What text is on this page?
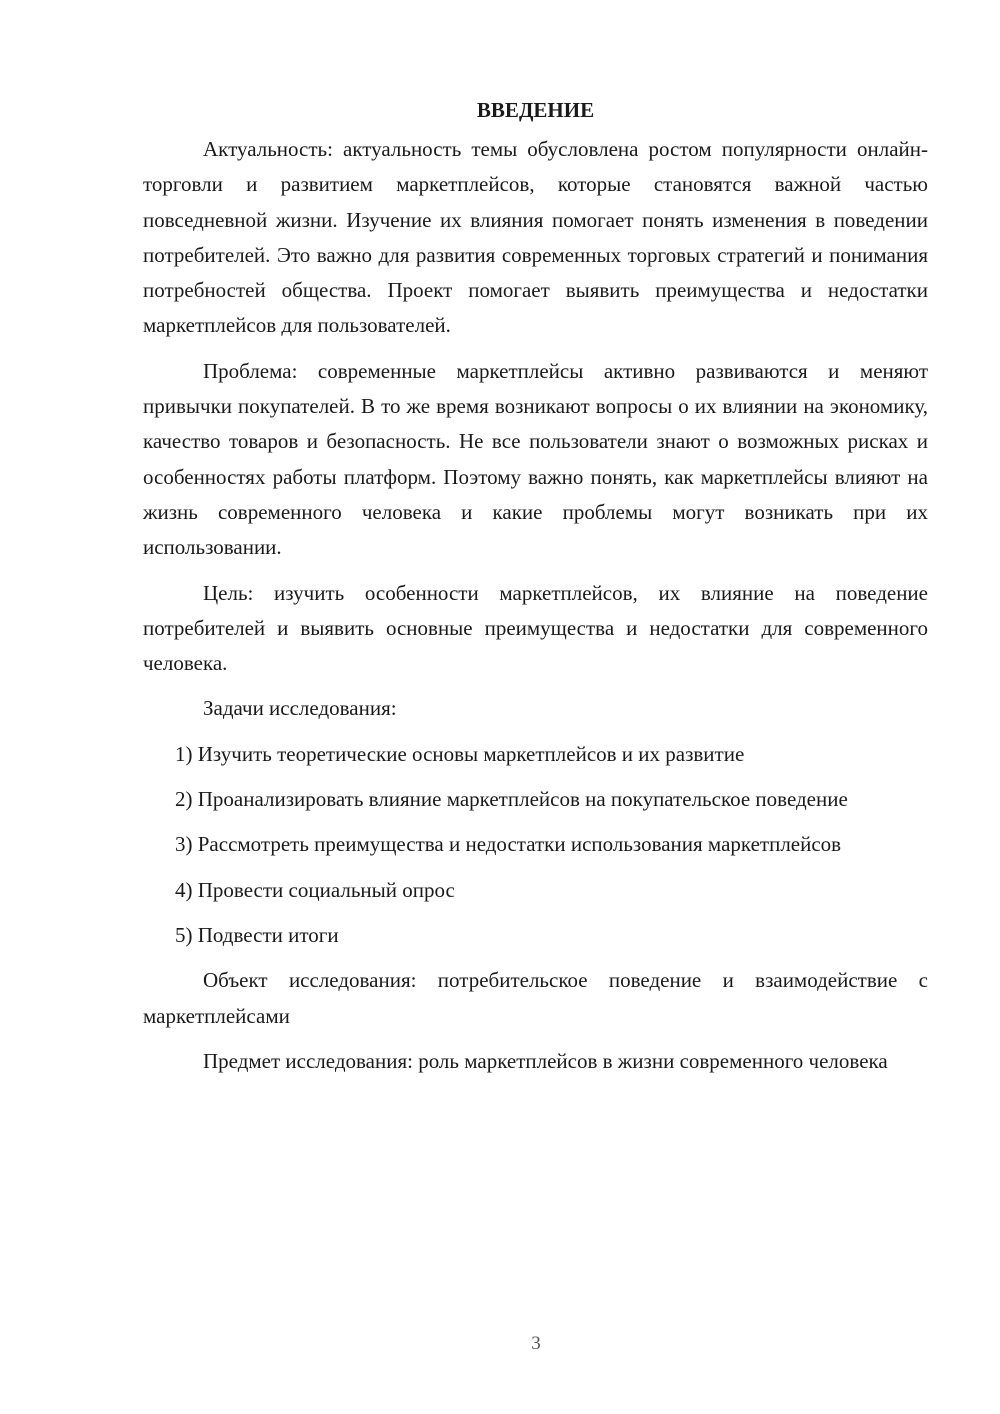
ВВЕДЕНИЕ

Актуальность: актуальность темы обусловлена ростом популярности онлайн-торговли и развитием маркетплейсов, которые становятся важной частью повседневной жизни. Изучение их влияния помогает понять изменения в поведении потребителей. Это важно для развития современных торговых стратегий и понимания потребностей общества. Проект помогает выявить преимущества и недостатки маркетплейсов для пользователей.

Проблема: современные маркетплейсы активно развиваются и меняют привычки покупателей. В то же время возникают вопросы о их влиянии на экономику, качество товаров и безопасность. Не все пользователи знают о возможных рисках и особенностях работы платформ. Поэтому важно понять, как маркетплейсы влияют на жизнь современного человека и какие проблемы могут возникать при их использовании.

Цель: изучить особенности маркетплейсов, их влияние на поведение потребителей и выявить основные преимущества и недостатки для современного человека.

Задачи исследования:

1) Изучить теоретические основы маркетплейсов и их развитие

2) Проанализировать влияние маркетплейсов на покупательское поведение

3) Рассмотреть преимущества и недостатки использования маркетплейсов

4) Провести социальный опрос

5) Подвести итоги

Объект исследования: потребительское поведение и взаимодействие с маркетплейсами

Предмет исследования: роль маркетплейсов в жизни современного человека

3
